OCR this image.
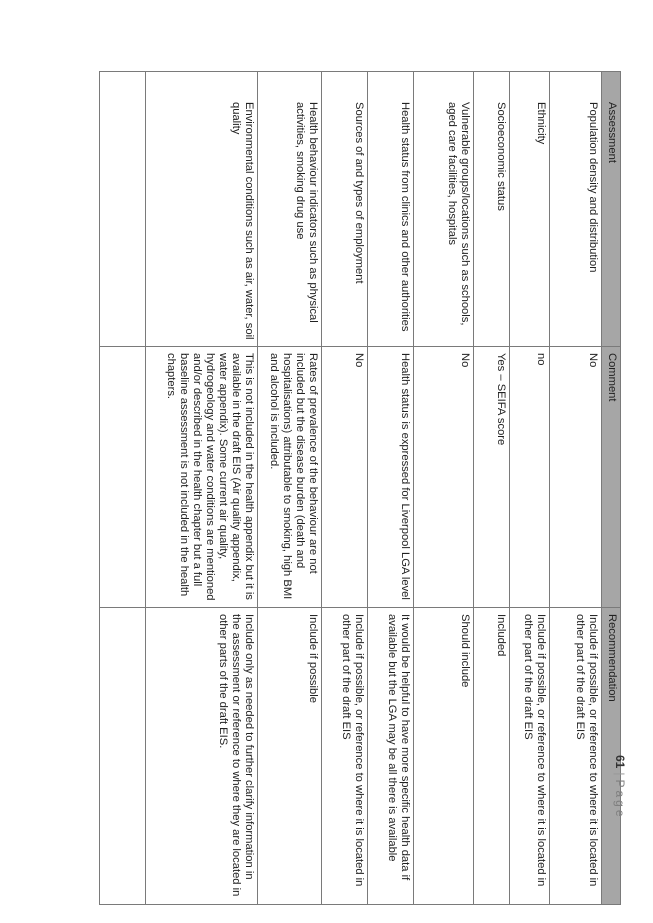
Assessment	Comment	Recommendation
Population density and distribution	No	Include if possible, or reference to where it is located in other part of the draft EIS
Ethnicity	no	Include if possible, or reference to where it is located in other part of the draft EIS
Socioeconomic status	Yes – SEIFA score	Included
Vulnerable groups/locations such as schools, aged care facilities, hospitals	No	Should include
Health status from clinics and other authorities	Health status is expressed for Liverpool LGA level	It would be helpful to have more specific health data if available but the LGA may be all there is available
Sources of and types of employment	No	Include if possible, or reference to where it is located in other part of the draft EIS
Health behaviour indicators such as physical activities, smoking drug use	Rates of prevalence of the behaviour are not included but the disease burden (death and hospitalisations) attributable to smoking, high BMI and alcohol is included.	Include if possible
Environmental conditions such as air, water, soil quality	This is not included in the health appendix but it is available in the draft EIS (Air quality appendix, water appendix). Some current air quality, hydrogeology and water conditions are mentioned and/or described in the health chapter but a full baseline assessment is not included in the health chapters.	Include only as needed to further clarify information in the assessment or reference to where they are located in other parts of the draft EIS.

61|Page
